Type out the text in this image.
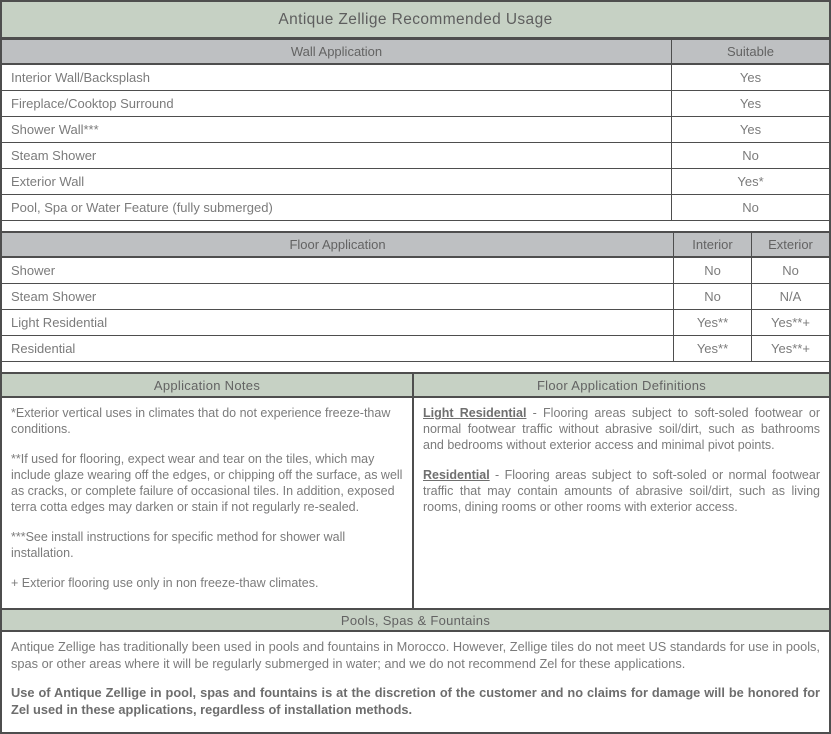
Antique Zellige Recommended Usage
Wall Application	Suitable
Interior Wall/Backsplash	Yes
Fireplace/Cooktop Surround	Yes
Shower Wall***	Yes
Steam Shower	No
Exterior Wall	Yes*
Pool, Spa or Water Feature (fully submerged)	No
Floor Application	Interior	Exterior
Shower	No	No
Steam Shower	No	N/A
Light Residential	Yes**	Yes**+
Residential	Yes**	Yes**+
Application Notes

*Exterior vertical uses in climates that do not experience freeze-thaw conditions.

**If used for flooring, expect wear and tear on the tiles, which may include glaze wearing off the edges, or chipping off the surface, as well as cracks, or complete failure of occasional tiles. In addition, exposed terra cotta edges may darken or stain if not regularly re-sealed.

***See install instructions for specific method for shower wall installation.

+ Exterior flooring use only in non freeze-thaw climates.

Floor Application Definitions

Light Residential - Flooring areas subject to soft-soled footwear or normal footwear traffic without abrasive soil/dirt, such as bathrooms and bedrooms without exterior access and minimal pivot points.

Residential - Flooring areas subject to soft-soled or normal footwear traffic that may contain amounts of abrasive soil/dirt, such as living rooms, dining rooms or other rooms with exterior access.

Pools, Spas & Fountains

Antique Zellige has traditionally been used in pools and fountains in Morocco. However, Zellige tiles do not meet US standards for use in pools, spas or other areas where it will be regularly submerged in water; and we do not recommend Zel for these applications.

Use of Antique Zellige in pool, spas and fountains is at the discretion of the customer and no claims for damage will be honored for Zel used in these applications, regardless of installation methods.
